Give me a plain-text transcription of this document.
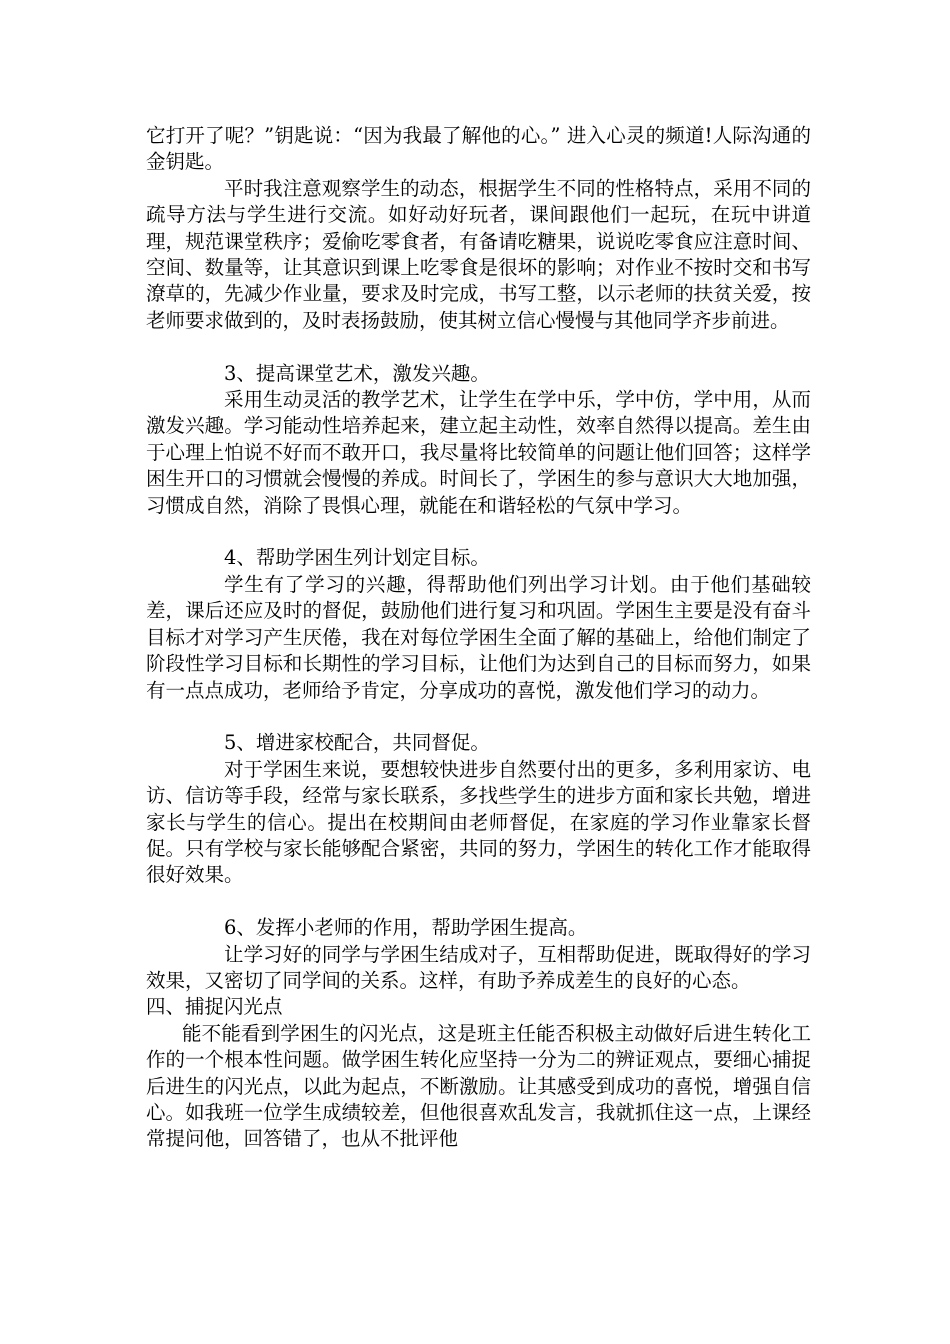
它打开了呢？”钥匙说：“因为我最了解他的心。” 进入心灵的频道!人际沟通的金钥匙。

平时我注意观察学生的动态，根据学生不同的性格特点，采用不同的疏导方法与学生进行交流。如好动好玩者，课间跟他们一起玩，在玩中讲道理，规范课堂秩序；爱偷吃零食者，有备请吃糖果，说说吃零食应注意时间、空间、数量等，让其意识到课上吃零食是很坏的影响；对作业不按时交和书写潦草的，先减少作业量，要求及时完成，书写工整，以示老师的扶贫关爱，按老师要求做到的，及时表扬鼓励，使其树立信心慢慢与其他同学齐步前进。

3、提高课堂艺术，激发兴趣。

采用生动灵活的教学艺术，让学生在学中乐，学中仿，学中用，从而激发兴趣。学习能动性培养起来，建立起主动性，效率自然得以提高。差生由于心理上怕说不好而不敢开口，我尽量将比较简单的问题让他们回答；这样学困生开口的习惯就会慢慢的养成。时间长了，学困生的参与意识大大地加强，习惯成自然，消除了畏惧心理，就能在和谐轻松的气氛中学习。

4、帮助学困生列计划定目标。

学生有了学习的兴趣，得帮助他们列出学习计划。由于他们基础较差，课后还应及时的督促，鼓励他们进行复习和巩固。学困生主要是没有奋斗目标才对学习产生厌倦，我在对每位学困生全面了解的基础上，给他们制定了阶段性学习目标和长期性的学习目标，让他们为达到自己的目标而努力，如果有一点点成功，老师给予肯定，分享成功的喜悦，激发他们学习的动力。

5、增进家校配合，共同督促。

对于学困生来说，要想较快进步自然要付出的更多，多利用家访、电访、信访等手段，经常与家长联系，多找些学生的进步方面和家长共勉，增进家长与学生的信心。提出在校期间由老师督促，在家庭的学习作业靠家长督促。只有学校与家长能够配合紧密，共同的努力，学困生的转化工作才能取得很好效果。

6、发挥小老师的作用，帮助学困生提高。

让学习好的同学与学困生结成对子，互相帮助促进，既取得好的学习效果，又密切了同学间的关系。这样，有助予养成差生的良好的心态。

四、捕捉闪光点

能不能看到学困生的闪光点，这是班主任能否积极主动做好后进生转化工作的一个根本性问题。做学困生转化应坚持一分为二的辨证观点，要细心捕捉后进生的闪光点，以此为起点，不断激励。让其感受到成功的喜悦，增强自信心。如我班一位学生成绩较差，但他很喜欢乱发言，我就抓住这一点，上课经常提问他，回答错了，也从不批评他
